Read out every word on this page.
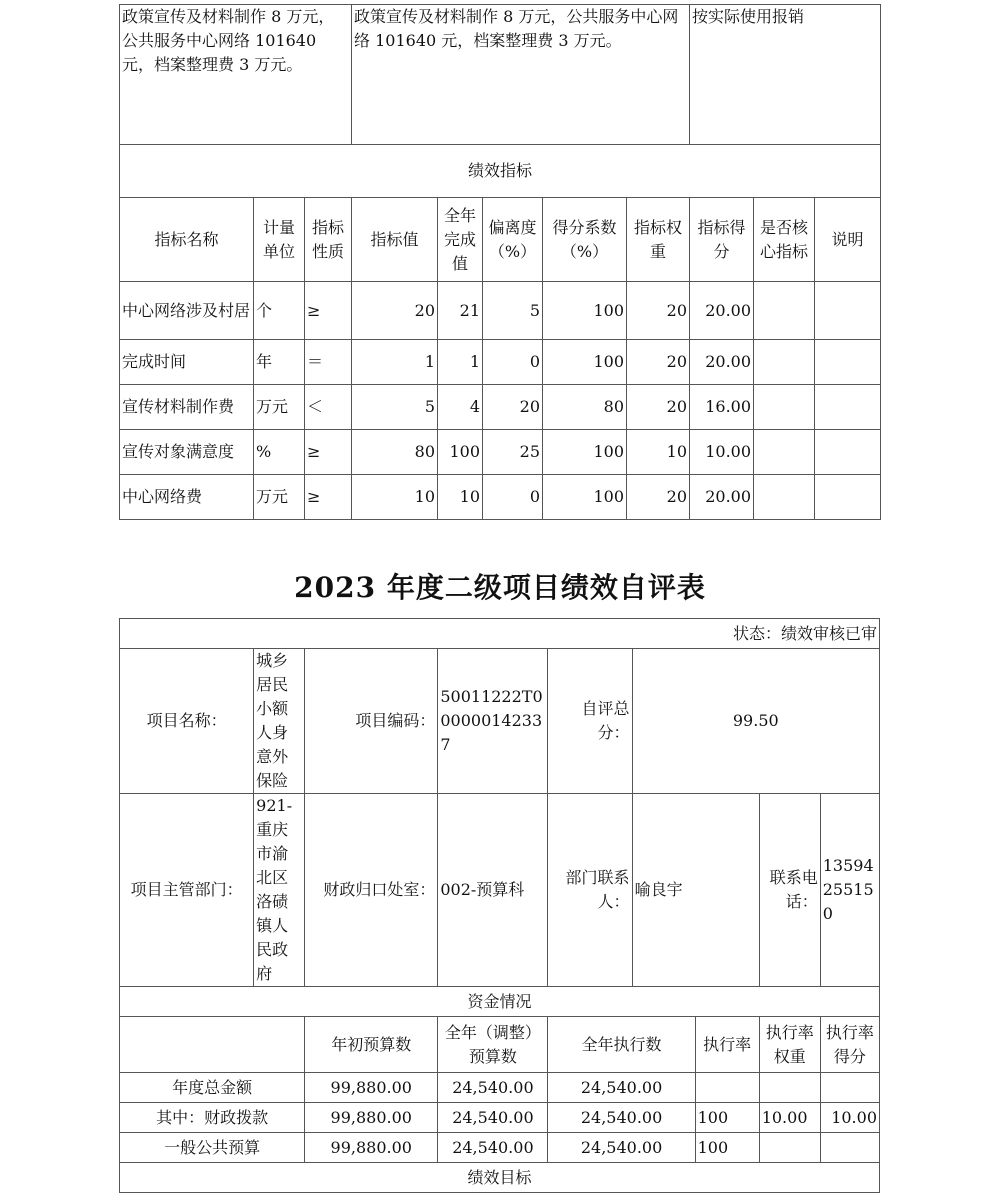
政策宣传及材料制作 8 万元，公共服务中心网络 101640 元，档案整理费 3 万元。			政策宣传及材料制作 8 万元，公共服务中心网络 101640 元，档案整理费 3 万元。					按实际使用报销		
绩效指标										
指标名称	计量单位	指标性质	指标值	全年完成值	偏离度（%）	得分系数（%）	指标权重	指标得分	是否核心指标	说明
中心网络涉及村居	个	≥	20	21	5	100	20	20.00		
完成时间	年	＝	1	1	0	100	20	20.00		
宣传材料制作费	万元	＜	5	4	20	80	20	16.00		
宣传对象满意度	%	≥	80	100	25	100	10	10.00		
中心网络费	万元	≥	10	10	0	100	20	20.00		
2023 年度二级项目绩效自评表
状态：绩效审核已审								
项目名称：	城乡居民小额人身意外保险	项目编码：	50011222T000000142337	自评总分：	99.50			
项目主管部门：	921-重庆市渝北区洛碛镇人民政府	财政归口处室：	002-预算科	部门联系人：	喻良宇		联系电话：	13594255150
资金情况								
		年初预算数	全年（调整）预算数	全年执行数		执行率	执行率权重	执行率得分
年度总金额		99,880.00	24,540.00	24,540.00				
其中：财政拨款		99,880.00	24,540.00	24,540.00		100	10.00	10.00
一般公共预算		99,880.00	24,540.00	24,540.00		100		
绩效目标								
